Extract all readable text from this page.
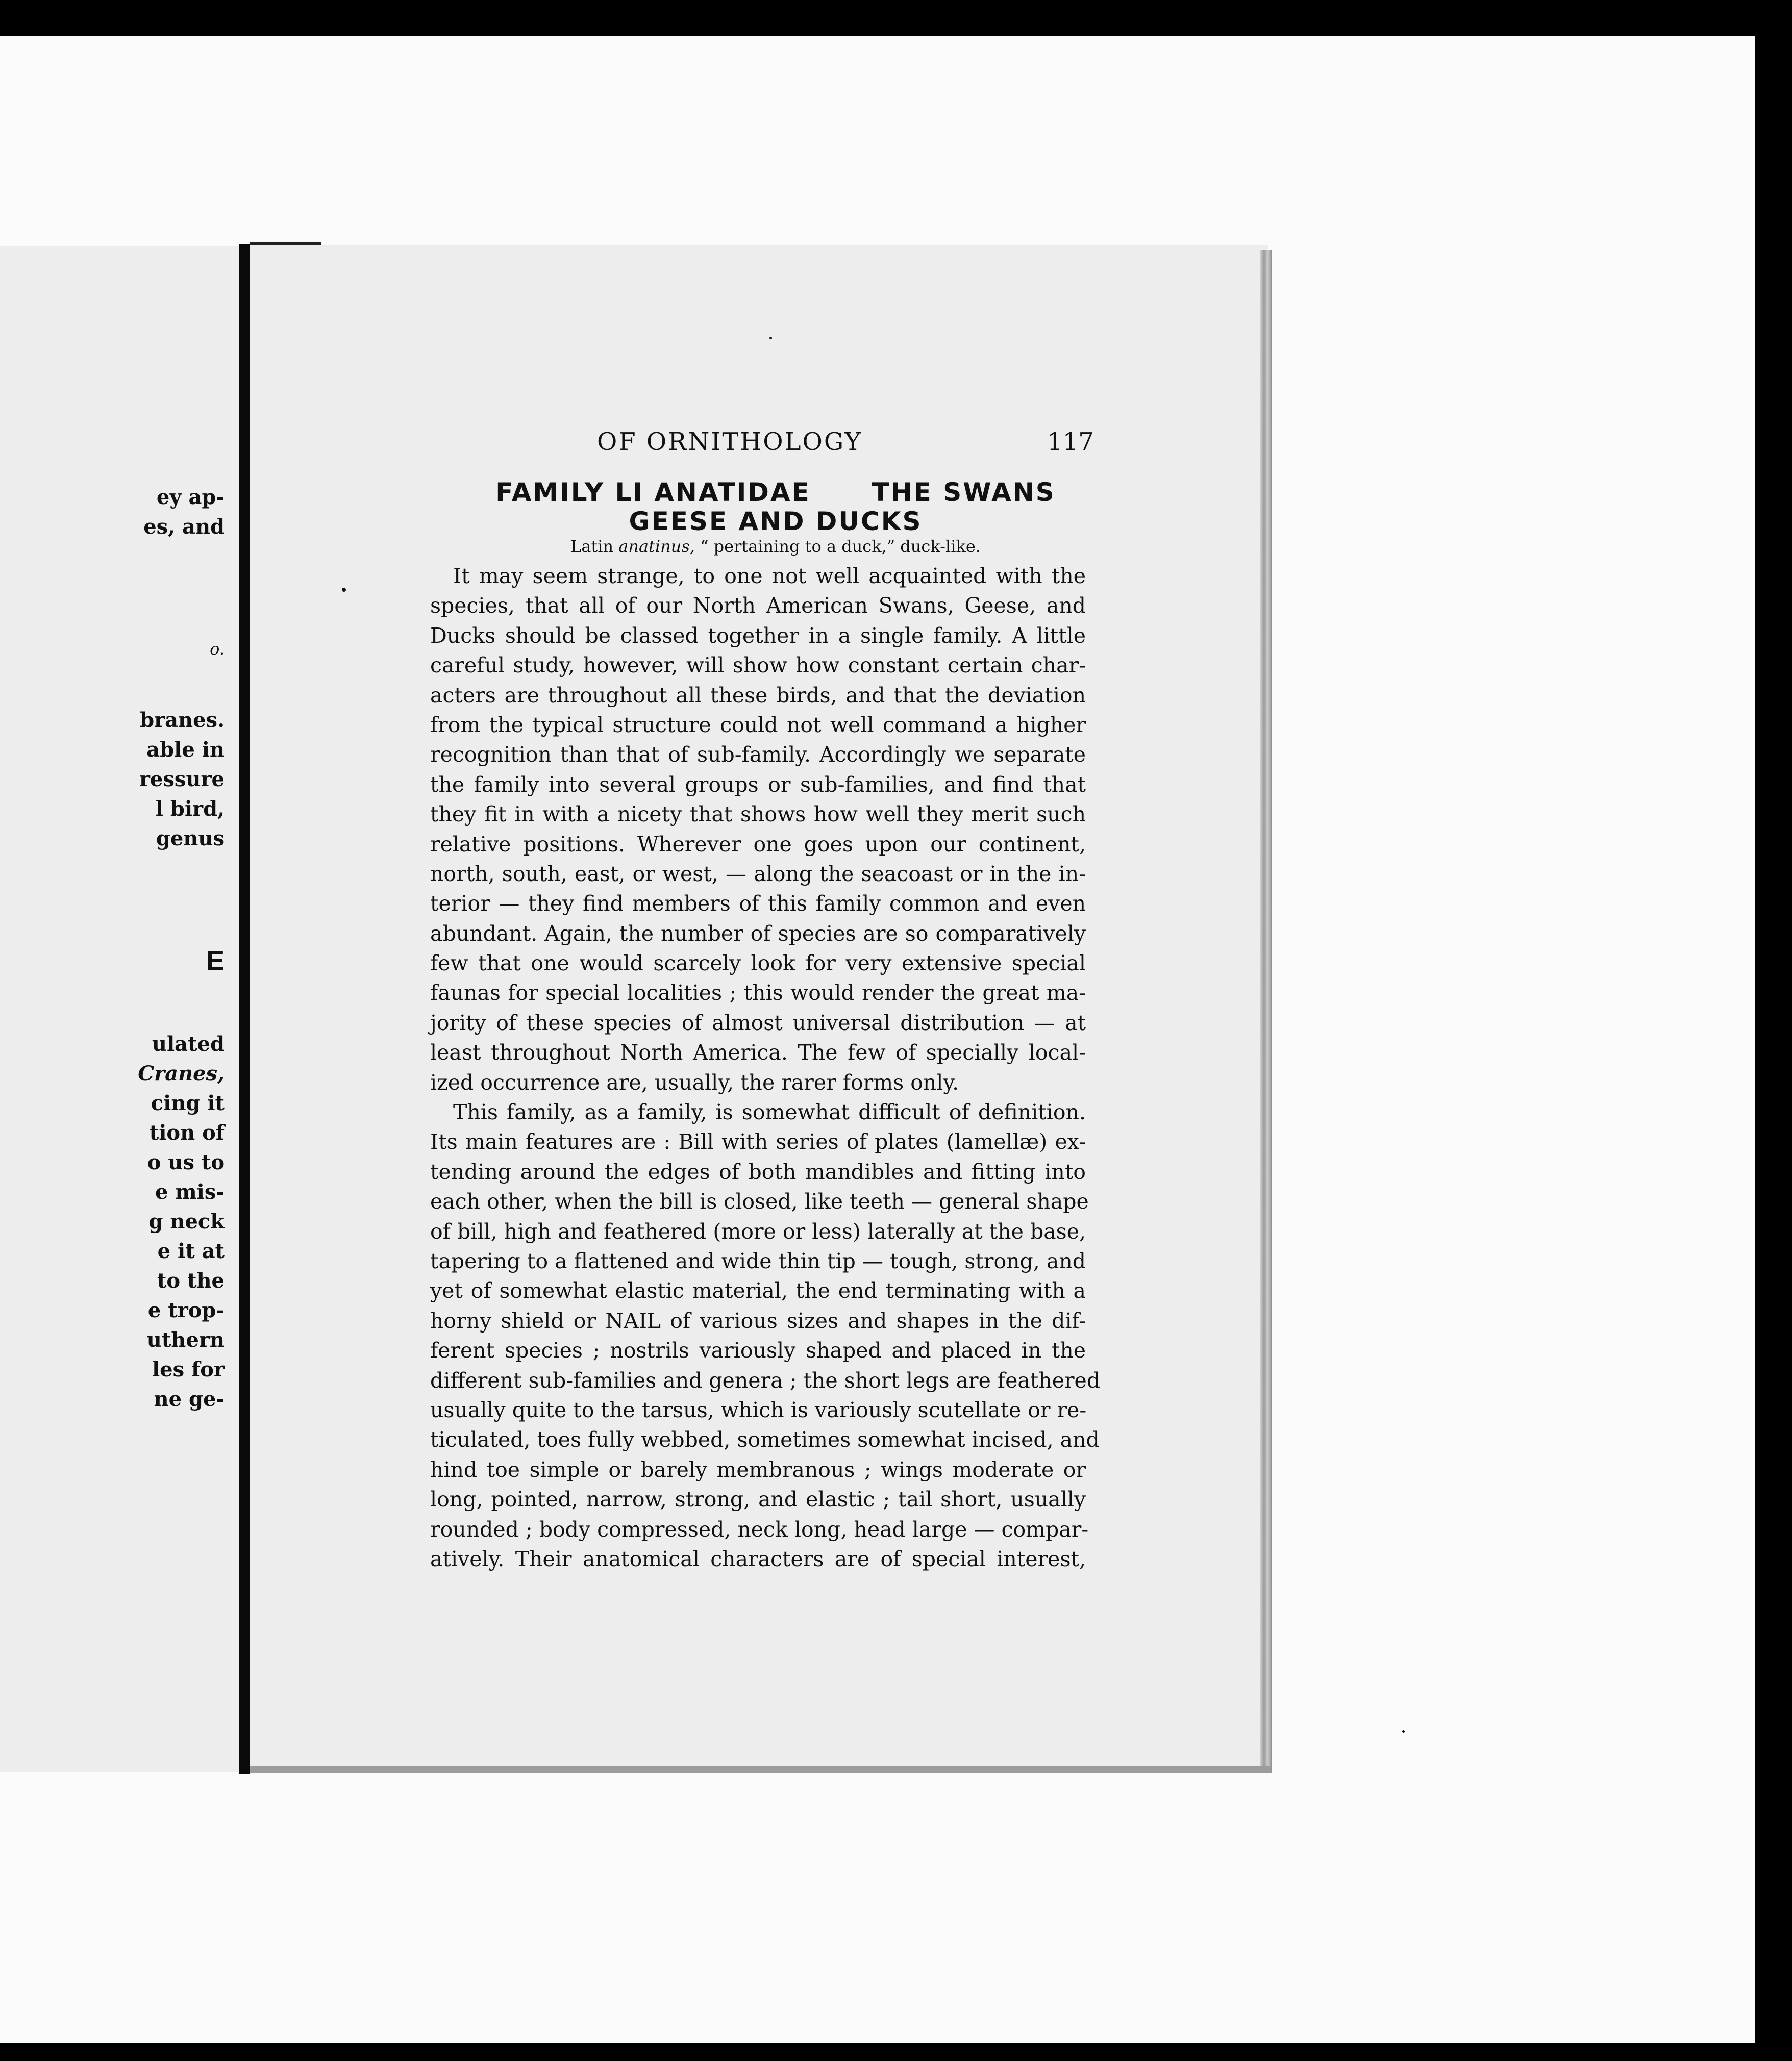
ey ap-
es, and
o.
branes.
able in
ressure
l bird,
genus
E
ulated
Cranes,
cing it
tion of
o us to
e mis-
g neck
e it at
to the
e trop-
uthern
les for
ne ge-
OF ORNITHOLOGY	117
FAMILY LI ANATIDAE THE SWANS
GEESE AND DUCKS
Latin anatinus, “ pertaining to a duck,” duck-like.
It may seem strange, to one not well acquainted with the
species, that all of our North American Swans, Geese, and
Ducks should be classed together in a single family. A little
careful study, however, will show how constant certain char-
acters are throughout all these birds, and that the deviation
from the typical structure could not well command a higher
recognition than that of sub-family. Accordingly we separate
the family into several groups or sub-families, and find that
they fit in with a nicety that shows how well they merit such
relative positions. Wherever one goes upon our continent,
north, south, east, or west, — along the seacoast or in the in-
terior — they find members of this family common and even
abundant. Again, the number of species are so comparatively
few that one would scarcely look for very extensive special
faunas for special localities ; this would render the great ma-
jority of these species of almost universal distribution — at
least throughout North America. The few of specially local-
ized occurrence are, usually, the rarer forms only.
This family, as a family, is somewhat difficult of definition.
Its main features are : Bill with series of plates (lamellæ) ex-
tending around the edges of both mandibles and fitting into
each other, when the bill is closed, like teeth — general shape
of bill, high and feathered (more or less) laterally at the base,
tapering to a flattened and wide thin tip — tough, strong, and
yet of somewhat elastic material, the end terminating with a
horny shield or NAIL of various sizes and shapes in the dif-
ferent species ; nostrils variously shaped and placed in the
different sub-families and genera ; the short legs are feathered
usually quite to the tarsus, which is variously scutellate or re-
ticulated, toes fully webbed, sometimes somewhat incised, and
hind toe simple or barely membranous ; wings moderate or
long, pointed, narrow, strong, and elastic ; tail short, usually
rounded ; body compressed, neck long, head large — compar-
atively. Their anatomical characters are of special interest,
